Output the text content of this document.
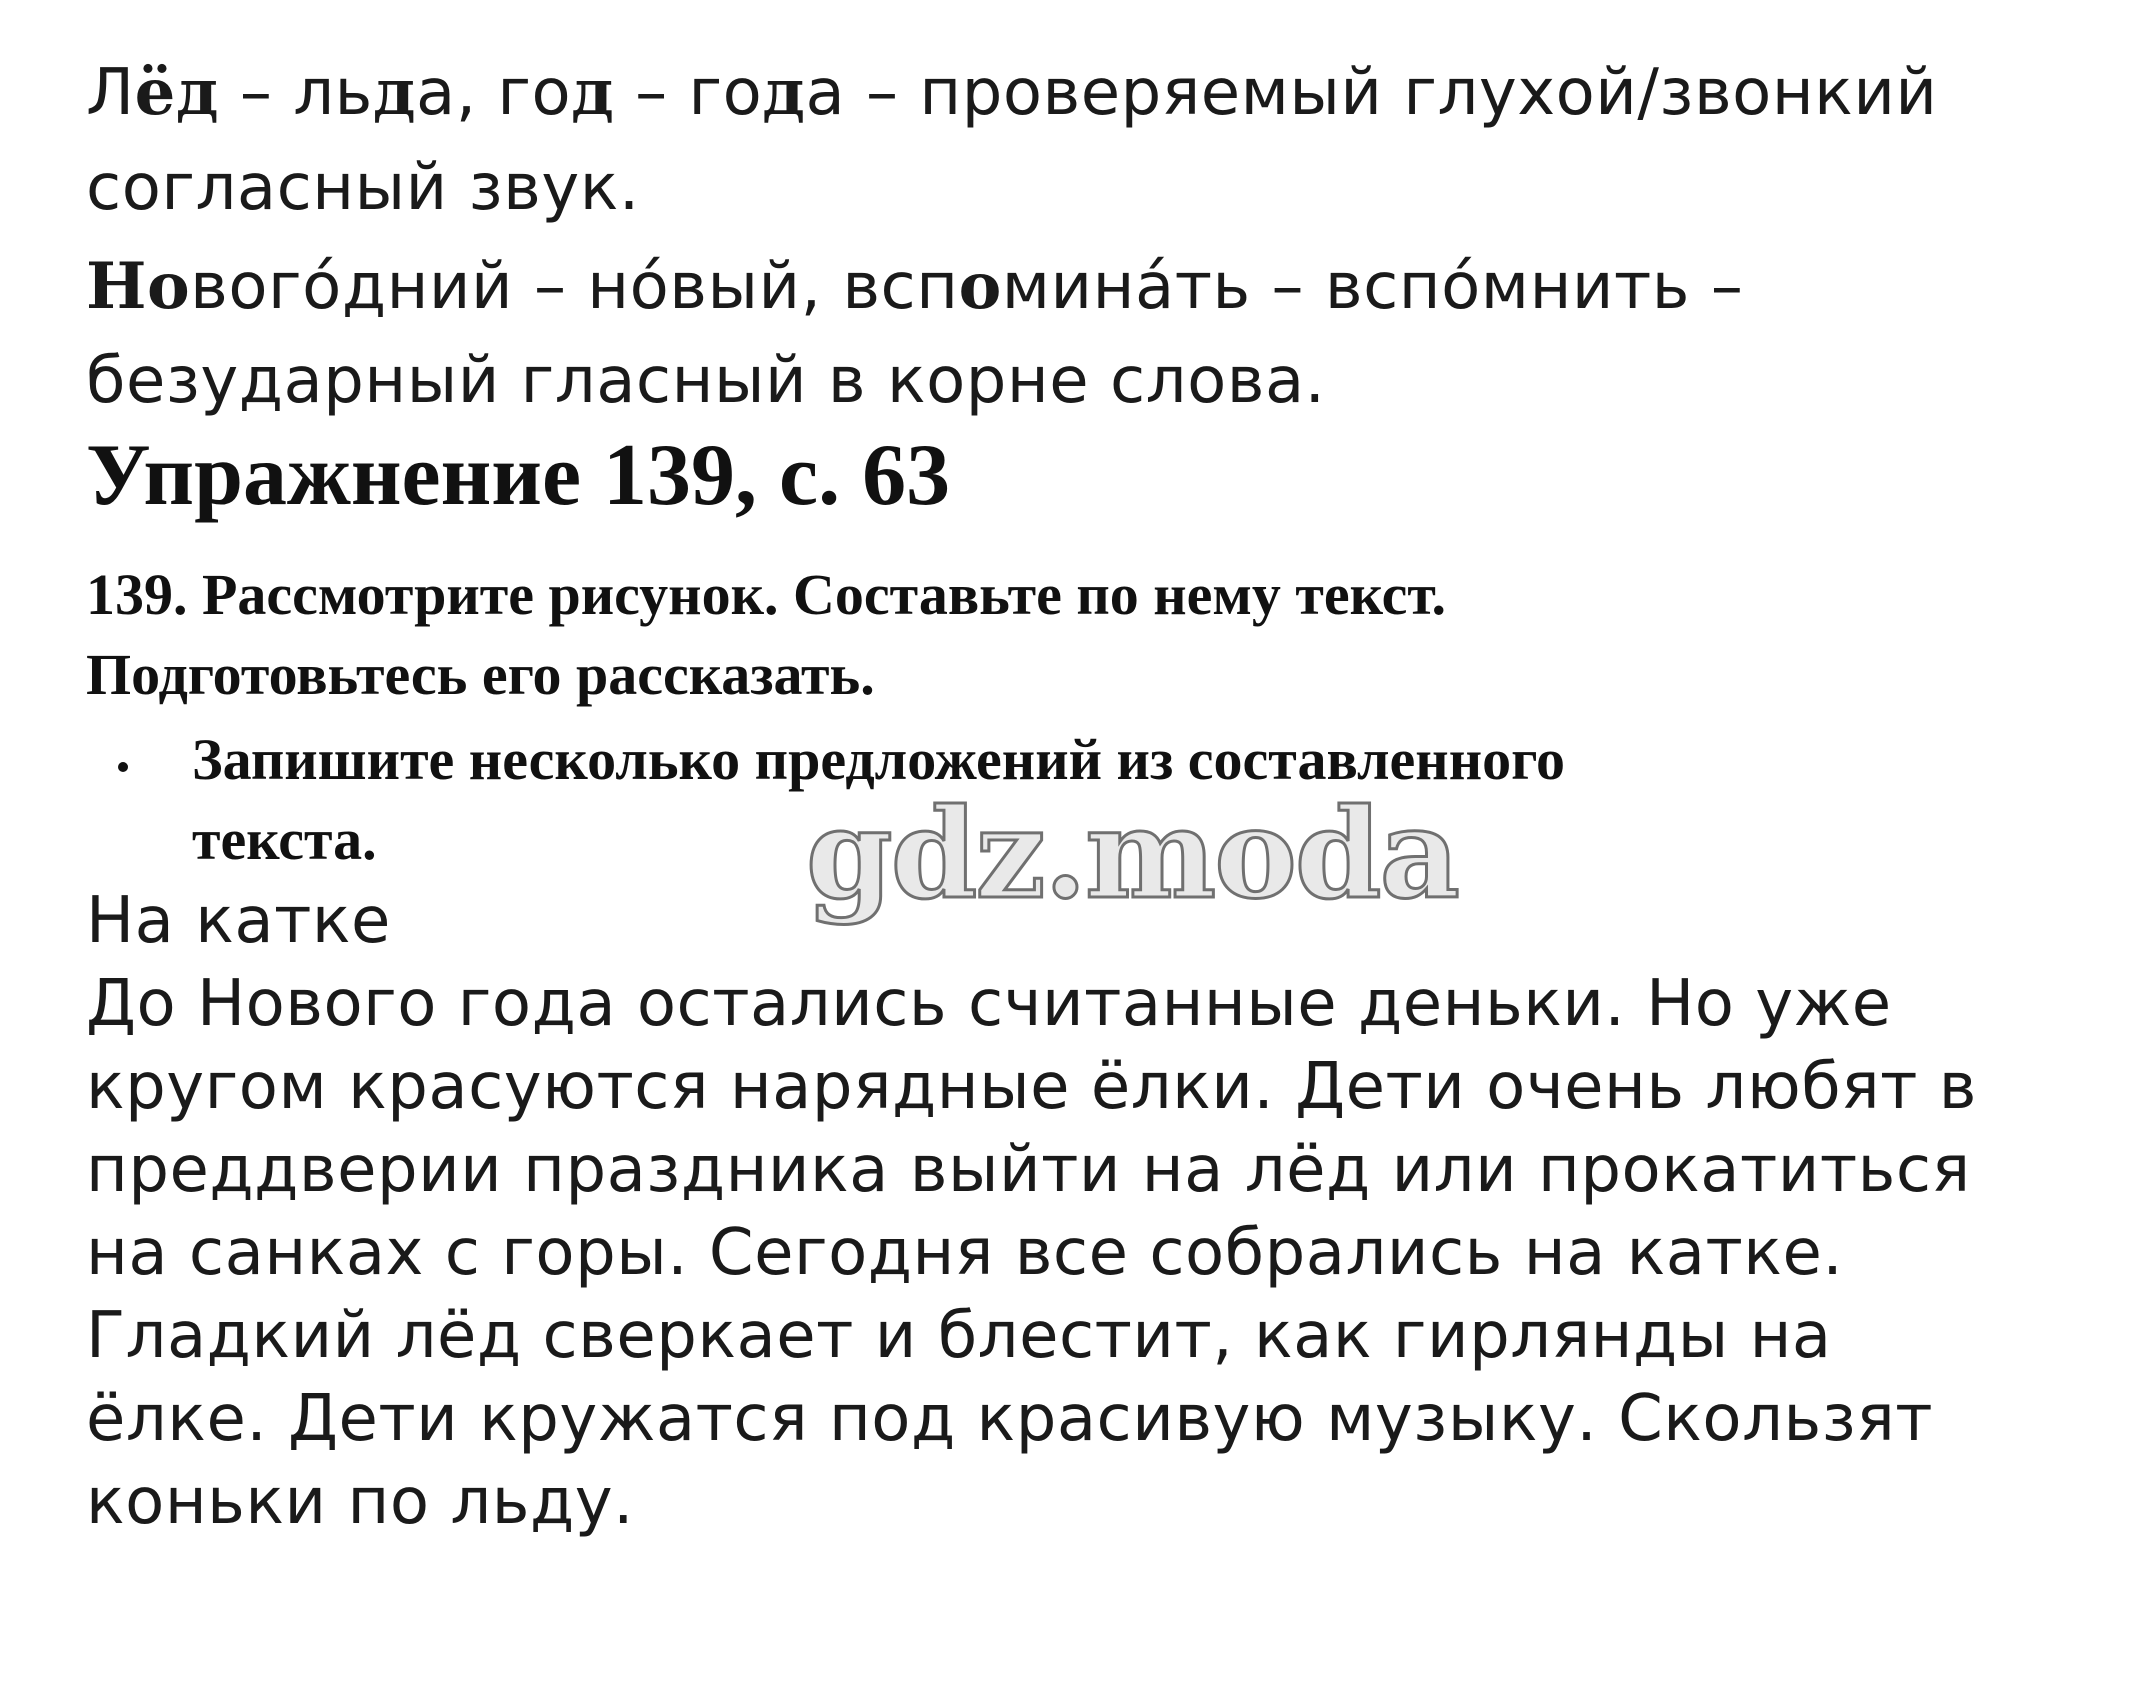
Лёд – льда, год – года – проверяемый глухой/звонкий

согласный звук.

Нового́дний – но́вый, вспомина́ть – вспо́мнить –

безударный гласный в корне слова.

Упражнение 139, с. 63

139. Рассмотрите рисунок. Составьте по нему текст.

Подготовьтесь его рассказать.

Запишите несколько предложений из составленного

текста.	gdz.moda

На катке

До Нового года остались считанные деньки. Но уже

кругом красуются нарядные ёлки. Дети очень любят в

преддверии праздника выйти на лёд или прокатиться

на санках с горы. Сегодня все собрались на катке.

Гладкий лёд сверкает и блестит, как гирлянды на

ёлке. Дети кружатся под красивую музыку. Скользят

коньки по льду.
